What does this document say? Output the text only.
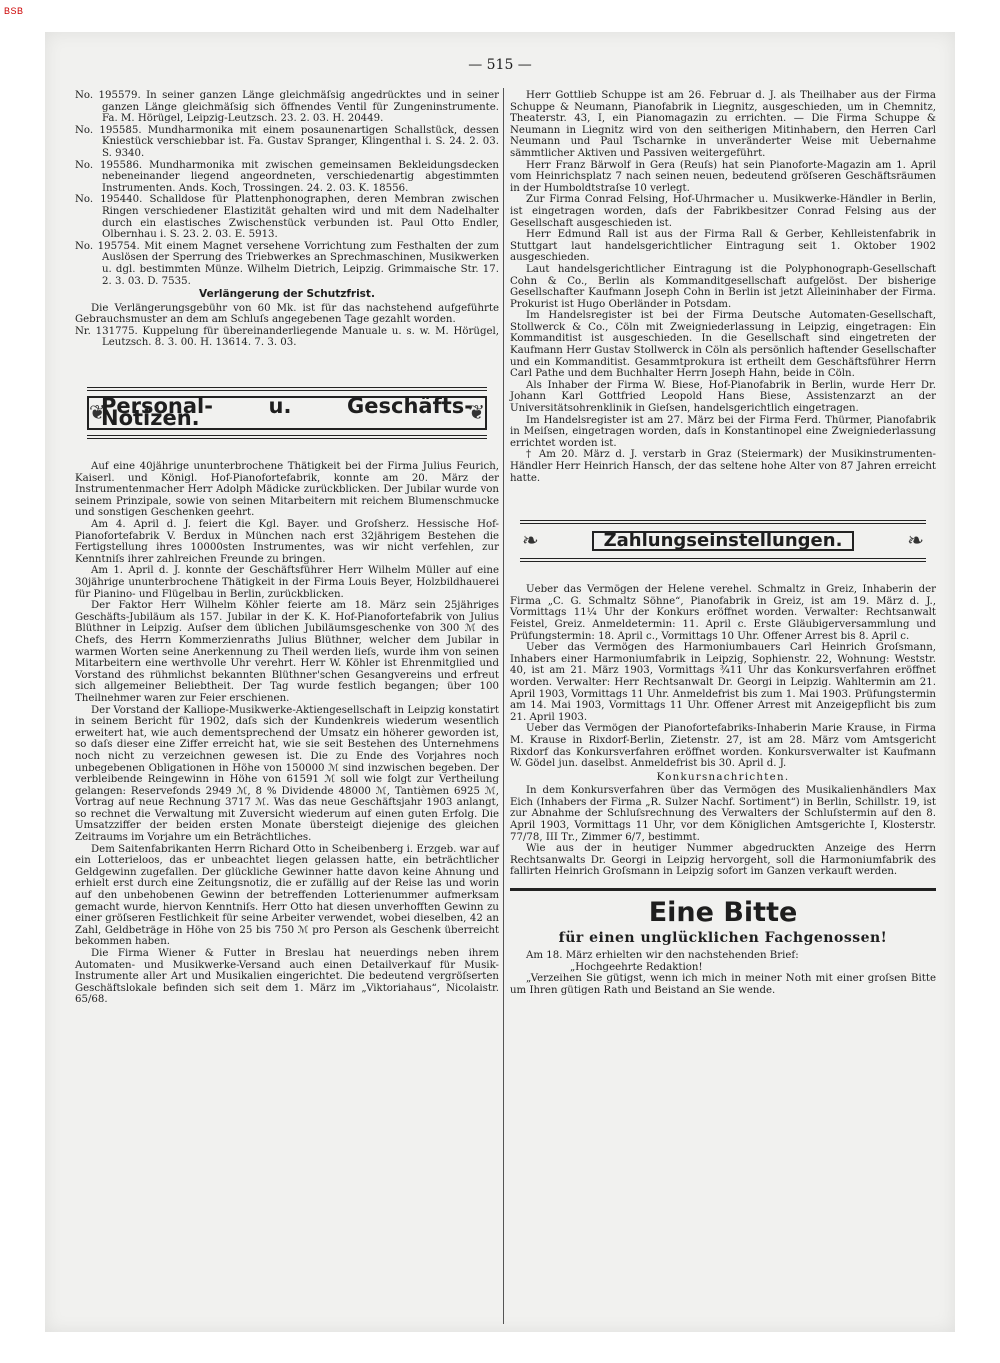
BSB
— 515 —

No. 195579. In seiner ganzen Länge gleichmäſsig angedrücktes und in seiner ganzen Länge gleichmäſsig sich öffnendes Ventil für Zungeninstrumente. Fa. M. Hörügel, Leipzig-Leutzsch. 23. 2. 03. H. 20449.

No. 195585. Mundharmonika mit einem posaunenartigen Schallstück, dessen Kniestück verschiebbar ist. Fa. Gustav Spranger, Klingenthal i. S. 24. 2. 03. S. 9340.

No. 195586. Mundharmonika mit zwischen gemeinsamen Bekleidungsdecken nebeneinander liegend angeordneten, verschiedenartig abgestimmten Instrumenten. Ands. Koch, Trossingen. 24. 2. 03. K. 18556.

No. 195440. Schalldose für Plattenphonographen, deren Membran zwischen Ringen verschiedener Elastizität gehalten wird und mit dem Nadelhalter durch ein elastisches Zwischenstück verbunden ist. Paul Otto Endler, Olbernhau i. S. 23. 2. 03. E. 5913.

No. 195754. Mit einem Magnet versehene Vorrichtung zum Festhalten der zum Auslösen der Sperrung des Triebwerkes an Sprechmaschinen, Musikwerken u. dgl. bestimmten Münze. Wilhelm Dietrich, Leipzig. Grimmaische Str. 17. 2. 3. 03. D. 7535.

Verlängerung der Schutzfrist.

Die Verlängerungsgebühr von 60 Mk. ist für das nachstehend aufgeführte Gebrauchsmuster an dem am Schluſs angegebenen Tage gezahlt worden.

Nr. 131775. Kuppelung für übereinanderliegende Manuale u. s. w. M. Hörügel, Leutzsch. 8. 3. 00. H. 13614. 7. 3. 03.

❦
Personal- u. Geschäfts-Notizen.	❦

Auf eine 40jährige ununterbrochene Thätigkeit bei der Firma Julius Feurich, Kaiserl. und Königl. Hof-Pianofortefabrik, konnte am 20. März der Instrumentenmacher Herr Adolph Mädicke zurückblicken. Der Jubilar wurde von seinem Prinzipale, sowie von seinen Mitarbeitern mit reichem Blumenschmucke und sonstigen Geschenken geehrt.

Am 4. April d. J. feiert die Kgl. Bayer. und Groſsherz. Hessische Hof-Pianofortefabrik V. Berdux in München nach erst 32jährigem Bestehen die Fertigstellung ihres 10000sten Instrumentes, was wir nicht verfehlen, zur Kenntniſs ihrer zahlreichen Freunde zu bringen.

Am 1. April d. J. konnte der Geschäftsführer Herr Wilhelm Müller auf eine 30jährige ununterbrochene Thätigkeit in der Firma Louis Beyer, Holzbildhauerei für Pianino- und Flügelbau in Berlin, zurückblicken.

Der Faktor Herr Wilhelm Köhler feierte am 18. März sein 25jähriges Geschäfts-Jubiläum als 157. Jubilar in der K. K. Hof-Pianofortefabrik von Julius Blüthner in Leipzig. Auſser dem üblichen Jubiläumsgeschenke von 300 ℳ des Chefs, des Herrn Kommerzienraths Julius Blüthner, welcher dem Jubilar in warmen Worten seine Anerkennung zu Theil werden lieſs, wurde ihm von seinen Mitarbeitern eine werthvolle Uhr verehrt. Herr W. Köhler ist Ehrenmitglied und Vorstand des rühmlichst bekannten Blüthner'schen Gesangvereins und erfreut sich allgemeiner Beliebtheit. Der Tag wurde festlich begangen; über 100 Theilnehmer waren zur Feier erschienen.

Der Vorstand der Kalliope-Musikwerke-Aktiengesellschaft in Leipzig konstatirt in seinem Bericht für 1902, daſs sich der Kundenkreis wiederum wesentlich erweitert hat, wie auch dementsprechend der Umsatz ein höherer geworden ist, so daſs dieser eine Ziffer erreicht hat, wie sie seit Bestehen des Unternehmens noch nicht zu verzeichnen gewesen ist. Die zu Ende des Vorjahres noch unbegebenen Obligationen in Höhe von 150000 ℳ sind inzwischen begeben. Der verbleibende Reingewinn in Höhe von 61591 ℳ soll wie folgt zur Vertheilung gelangen: Reservefonds 2949 ℳ, 8 % Dividende 48000 ℳ, Tantièmen 6925 ℳ, Vortrag auf neue Rechnung 3717 ℳ. Was das neue Geschäftsjahr 1903 anlangt, so rechnet die Verwaltung mit Zuversicht wiederum auf einen guten Erfolg. Die Umsatzziffer der beiden ersten Monate übersteigt diejenige des gleichen Zeitraums im Vorjahre um ein Beträchtliches.

Dem Saitenfabrikanten Herrn Richard Otto in Scheibenberg i. Erzgeb. war auf ein Lotterieloos, das er unbeachtet liegen gelassen hatte, ein beträchtlicher Geldgewinn zugefallen. Der glückliche Gewinner hatte davon keine Ahnung und erhielt erst durch eine Zeitungsnotiz, die er zufällig auf der Reise las und worin auf den unbehobenen Gewinn der betreffenden Lotterienummer aufmerksam gemacht wurde, hiervon Kenntniſs. Herr Otto hat diesen unverhofften Gewinn zu einer gröſseren Festlichkeit für seine Arbeiter verwendet, wobei dieselben, 42 an Zahl, Geldbeträge in Höhe von 25 bis 750 ℳ pro Person als Geschenk überreicht bekommen haben.

Die Firma Wiener & Futter in Breslau hat neuerdings neben ihrem Automaten- und Musikwerke-Versand auch einen Detailverkauf für Musik-Instrumente aller Art und Musikalien eingerichtet. Die bedeutend vergröſserten Geschäftslokale befinden sich seit dem 1. März im „Viktoriahaus“, Nicolaistr. 65/68.

Herr Gottlieb Schuppe ist am 26. Februar d. J. als Theilhaber aus der Firma Schuppe & Neumann, Pianofabrik in Liegnitz, ausgeschieden, um in Chemnitz, Theaterstr. 43, I, ein Pianomagazin zu errichten. — Die Firma Schuppe & Neumann in Liegnitz wird von den seitherigen Mitinhabern, den Herren Carl Neumann und Paul Tscharnke in unveränderter Weise mit Uebernahme sämmtlicher Aktiven und Passiven weitergeführt.

Herr Franz Bärwolf in Gera (Reuſs) hat sein Pianoforte-Magazin am 1. April vom Heinrichsplatz 7 nach seinen neuen, bedeutend gröſseren Geschäftsräumen in der Humboldtstraſse 10 verlegt.

Zur Firma Conrad Felsing, Hof-Uhrmacher u. Musikwerke-Händler in Berlin, ist eingetragen worden, daſs der Fabrikbesitzer Conrad Felsing aus der Gesellschaft ausgeschieden ist.

Herr Edmund Rall ist aus der Firma Rall & Gerber, Kehlleistenfabrik in Stuttgart laut handelsgerichtlicher Eintragung seit 1. Oktober 1902 ausgeschieden.

Laut handelsgerichtlicher Eintragung ist die Polyphonograph-Gesellschaft Cohn & Co., Berlin als Kommanditgesellschaft aufgelöst. Der bisherige Gesellschafter Kaufmann Joseph Cohn in Berlin ist jetzt Alleininhaber der Firma. Prokurist ist Hugo Oberländer in Potsdam.

Im Handelsregister ist bei der Firma Deutsche Automaten-Gesellschaft, Stollwerck & Co., Cöln mit Zweigniederlassung in Leipzig, eingetragen: Ein Kommanditist ist ausgeschieden. In die Gesellschaft sind eingetreten der Kaufmann Herr Gustav Stollwerck in Cöln als persönlich haftender Gesellschafter und ein Kommanditist. Gesammtprokura ist ertheilt dem Geschäftsführer Herrn Carl Pathe und dem Buchhalter Herrn Joseph Hahn, beide in Cöln.

Als Inhaber der Firma W. Biese, Hof-Pianofabrik in Berlin, wurde Herr Dr. Johann Karl Gottfried Leopold Hans Biese, Assistenzarzt an der Universitätsohrenklinik in Gieſsen, handelsgerichtlich eingetragen.

Im Handelsregister ist am 27. März bei der Firma Ferd. Thürmer, Pianofabrik in Meiſsen, eingetragen worden, daſs in Konstantinopel eine Zweigniederlassung errichtet worden ist.

† Am 20. März d. J. verstarb in Graz (Steiermark) der Musikinstrumenten-Händler Herr Heinrich Hansch, der das seltene hohe Alter von 87 Jahren erreicht hatte.

❧	Zahlungseinstellungen.	❧

Ueber das Vermögen der Helene verehel. Schmaltz in Greiz, Inhaberin der Firma „C. G. Schmaltz Söhne“, Pianofabrik in Greiz, ist am 19. März d. J., Vormittags 11¼ Uhr der Konkurs eröffnet worden. Verwalter: Rechtsanwalt Feistel, Greiz. Anmeldetermin: 11. April c. Erste Gläubigerversammlung und Prüfungstermin: 18. April c., Vormittags 10 Uhr. Offener Arrest bis 8. April c.

Ueber das Vermögen des Harmoniumbauers Carl Heinrich Groſsmann, Inhabers einer Harmoniumfabrik in Leipzig, Sophienstr. 22, Wohnung: Weststr. 40, ist am 21. März 1903, Vormittags ¾11 Uhr das Konkursverfahren eröffnet worden. Verwalter: Herr Rechtsanwalt Dr. Georgi in Leipzig. Wahltermin am 21. April 1903, Vormittags 11 Uhr. Anmeldefrist bis zum 1. Mai 1903. Prüfungstermin am 14. Mai 1903, Vormittags 11 Uhr. Offener Arrest mit Anzeigepflicht bis zum 21. April 1903.

Ueber das Vermögen der Pianofortefabriks-Inhaberin Marie Krause, in Firma M. Krause in Rixdorf-Berlin, Zietenstr. 27, ist am 28. März vom Amtsgericht Rixdorf das Konkursverfahren eröffnet worden. Konkursverwalter ist Kaufmann W. Gödel jun. daselbst. Anmeldefrist bis 30. April d. J.

Konkursnachrichten.

In dem Konkursverfahren über das Vermögen des Musikalienhändlers Max Eich (Inhabers der Firma „R. Sulzer Nachf. Sortiment“) in Berlin, Schillstr. 19, ist zur Abnahme der Schluſsrechnung des Verwalters der Schluſstermin auf den 8. April 1903, Vormittags 11 Uhr, vor dem Königlichen Amtsgerichte I, Klosterstr. 77/78, III Tr., Zimmer 6/7, bestimmt.

Wie aus der in heutiger Nummer abgedruckten Anzeige des Herrn Rechtsanwalts Dr. Georgi in Leipzig hervorgeht, soll die Harmoniumfabrik des fallirten Heinrich Groſsmann in Leipzig sofort im Ganzen verkauft werden.

Eine Bitte
für einen unglücklichen Fachgenossen!

Am 18. März erhielten wir den nachstehenden Brief:

„Hochgeehrte Redaktion!

„Verzeihen Sie gütigst, wenn ich mich in meiner Noth mit einer groſsen Bitte um Ihren gütigen Rath und Beistand an Sie wende.
